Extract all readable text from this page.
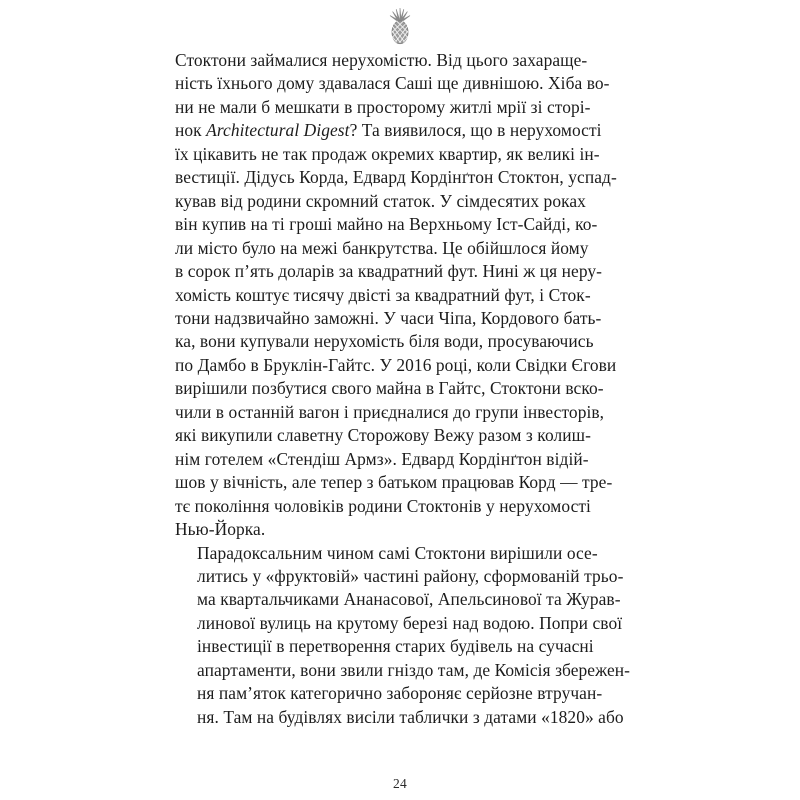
Стоктони займалися нерухомістю. Від цього захараще-
ність їхнього дому здавалася Саші ще дивнішою. Хіба во-
ни не мали б мешкати в просторому житлі мрії зі сторі-
нок Architectural Digest? Та виявилося, що в нерухомості
їх цікавить не так продаж окремих квартир, як великі ін-
вестиції. Дідусь Корда, Едвард Кордінґтон Стоктон, успад-
кував від родини скромний статок. У сімдесятих роках
він купив на ті гроші майно на Верхньому Іст-Сайді, ко-
ли місто було на межі банкрутства. Це обійшлося йому
в сорок п’ять доларів за квадратний фут. Нині ж ця неру-
хомість коштує тисячу двісті за квадратний фут, і Сток-
тони надзвичайно заможні. У часи Чіпа, Кордового бать-
ка, вони купували нерухомість біля води, просуваючись
по Дамбо в Бруклін-Гайтс. У 2016 році, коли Свідки Єгови
вирішили позбутися свого майна в Гайтс, Стоктони вско-
чили в останній вагон і приєдналися до групи інвесторів,
які викупили славетну Сторожову Вежу разом з колиш-
нім готелем «Стендіш Армз». Едвард Кордінґтон відій-
шов у вічність, але тепер з батьком працював Корд — тре-
тє покоління чоловіків родини Стоктонів у нерухомості
Нью-Йорка.

Парадоксальним чином самі Стоктони вирішили осе-
литись у «фруктовій» частині району, сформованій трьо-
ма квартальчиками Ананасової, Апельсинової та Журав-
линової вулиць на крутому березі над водою. Попри свої
інвестиції в перетворення старих будівель на сучасні
апартаменти, вони звили гніздо там, де Комісія збережен-
ня пам’яток категорично забороняє серйозне втручан-
ня. Там на будівлях висіли таблички з датами «1820» або

24
